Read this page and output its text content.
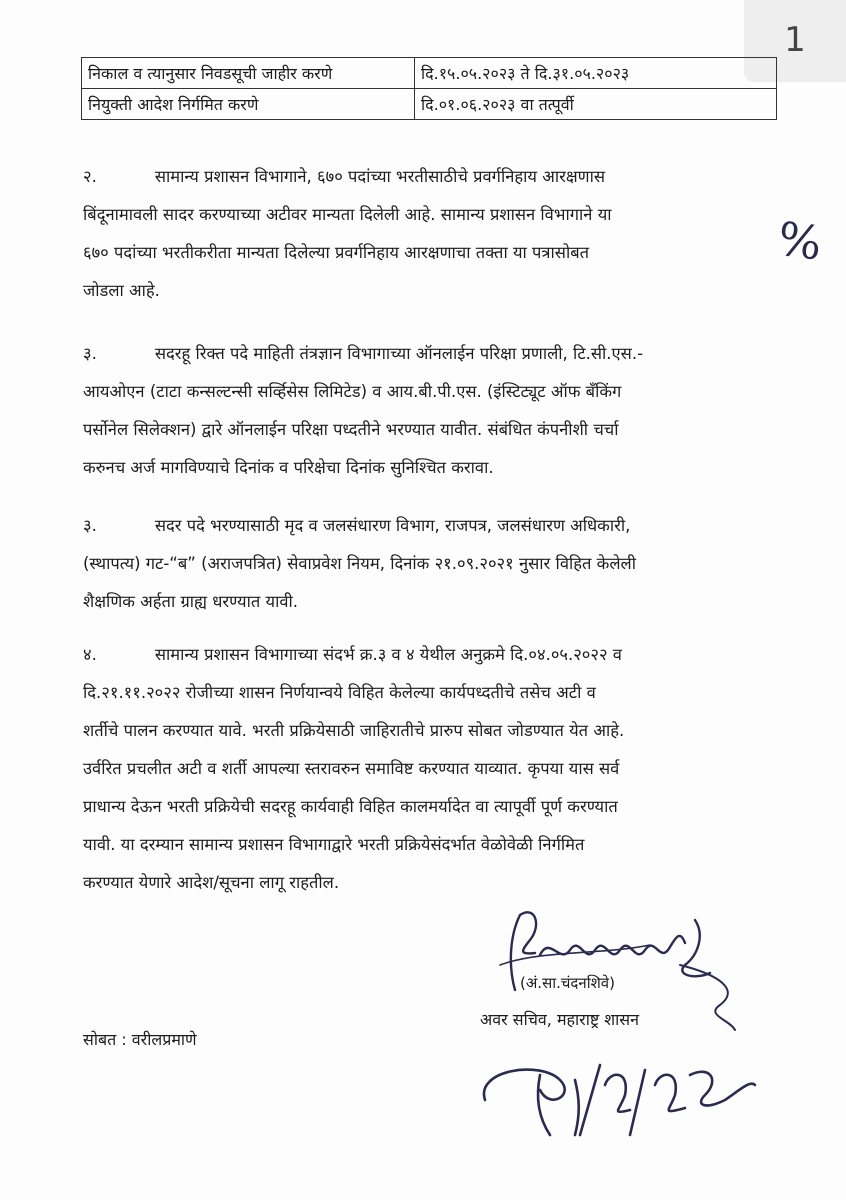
1
निकाल व त्यानुसार निवडसूची जाहीर करणे	दि.१५.०५.२०२३ ते दि.३१.०५.२०२३
नियुक्ती आदेश निर्गमित करणे	दि.०१.०६.२०२३ वा तत्पूर्वी
%
२.	सामान्य प्रशासन विभागाने, ६७० पदांच्या भरतीसाठीचे प्रवर्गनिहाय आरक्षणास
बिंदूनामावली सादर करण्याच्या अटीवर मान्यता दिलेली आहे. सामान्य प्रशासन विभागाने या
६७० पदांच्या भरतीकरीता मान्यता दिलेल्या प्रवर्गनिहाय आरक्षणाचा तक्ता या पत्रासोबत
जोडला आहे.
३.	सदरहू रिक्त पदे माहिती तंत्रज्ञान विभागाच्या ऑनलाईन परिक्षा प्रणाली, टि.सी.एस.-
आयओएन (टाटा कन्सल्टन्सी सर्व्हिसेस लिमिटेड) व आय.बी.पी.एस. (इंस्टिट्यूट ऑफ बँकिंग
पर्सोनेल सिलेक्शन) द्वारे ऑनलाईन परिक्षा पध्दतीने भरण्यात यावीत. संबंधित कंपनीशी चर्चा
करुनच अर्ज मागविण्याचे दिनांक व परिक्षेचा दिनांक सुनिश्चित करावा.
३.	सदर पदे भरण्यासाठी मृद व जलसंधारण विभाग, राजपत्र, जलसंधारण अधिकारी,
(स्थापत्य) गट-“ब” (अराजपत्रित) सेवाप्रवेश नियम, दिनांक २१.०९.२०२१ नुसार विहित केलेली
शैक्षणिक अर्हता ग्राह्य धरण्यात यावी.
४.	सामान्य प्रशासन विभागाच्या संदर्भ क्र.३ व ४ येथील अनुक्रमे दि.०४.०५.२०२२ व
दि.२१.११.२०२२ रोजीच्या शासन निर्णयान्वये विहित केलेल्या कार्यपध्दतीचे तसेच अटी व
शर्तीचे पालन करण्यात यावे. भरती प्रक्रियेसाठी जाहिरातीचे प्रारुप सोबत जोडण्यात येत आहे.
उर्वरित प्रचलीत अटी व शर्ती आपल्या स्तरावरुन समाविष्ट करण्यात याव्यात. कृपया यास सर्व
प्राधान्य देऊन भरती प्रक्रियेची सदरहू कार्यवाही विहित कालमर्यादेत वा त्यापूर्वी पूर्ण करण्यात
यावी. या दरम्यान सामान्य प्रशासन विभागाद्वारे भरती प्रक्रियेसंदर्भात वेळोवेळी निर्गमित
करण्यात येणारे आदेश/सूचना लागू राहतील.
(अं.सा.चंदनशिवे)
अवर सचिव, महाराष्ट्र शासन
सोबत : वरीलप्रमाणे
